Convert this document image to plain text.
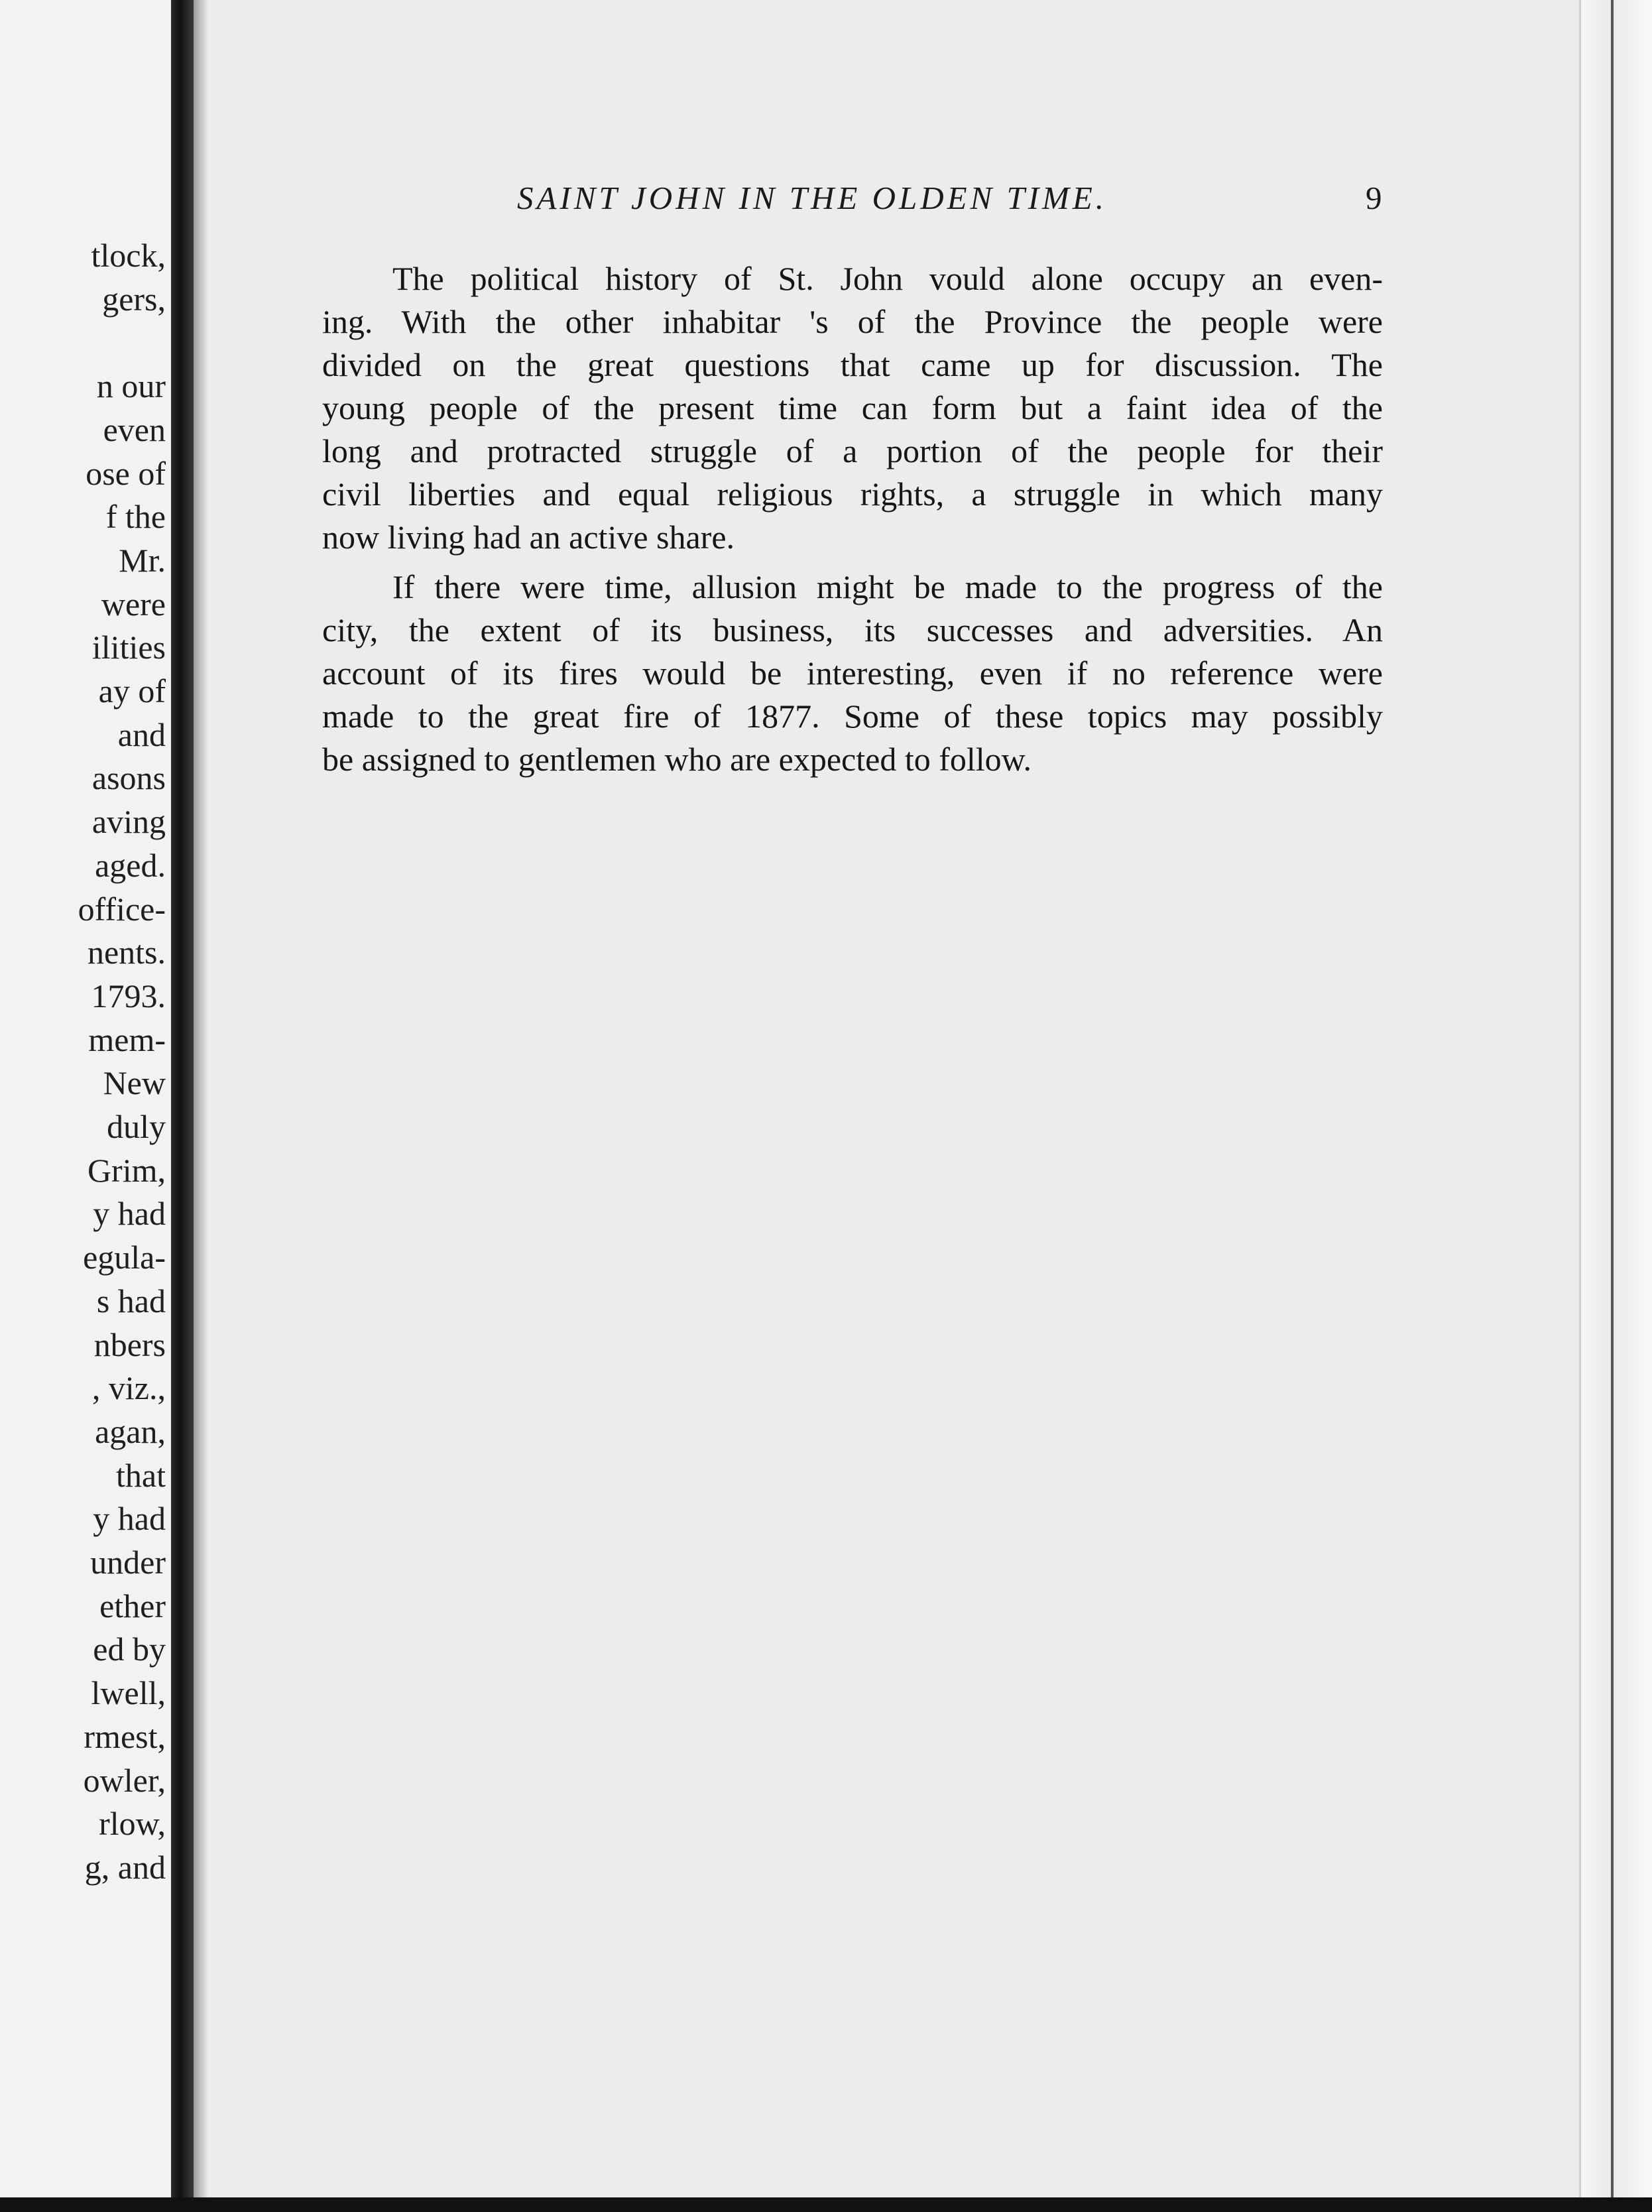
tlock,
gers,
n our
even
ose of
f the
Mr.
were
ilities
ay of
and
asons
aving
aged.
office-
nents.
1793.
mem-
New
duly
Grim,
y had
egula-
s had
nbers
, viz.,
agan,
that
y had
under
ether
ed by
lwell,
rmest,
owler,
rlow,
g, and
SAINT JOHN IN THE OLDEN TIME.	9
The political history of St. John vould alone occupy an even-
ing. With the other inhabitar 's of the Province the people were
divided on the great questions that came up for discussion. The
young people of the present time can form but a faint idea of the
long and protracted struggle of a portion of the people for their
civil liberties and equal religious rights, a struggle in which many
now living had an active share.
If there were time, allusion might be made to the progress of the
city, the extent of its business, its successes and adversities. An
account of its fires would be interesting, even if no reference were
made to the great fire of 1877. Some of these topics may possibly
be assigned to gentlemen who are expected to follow.
